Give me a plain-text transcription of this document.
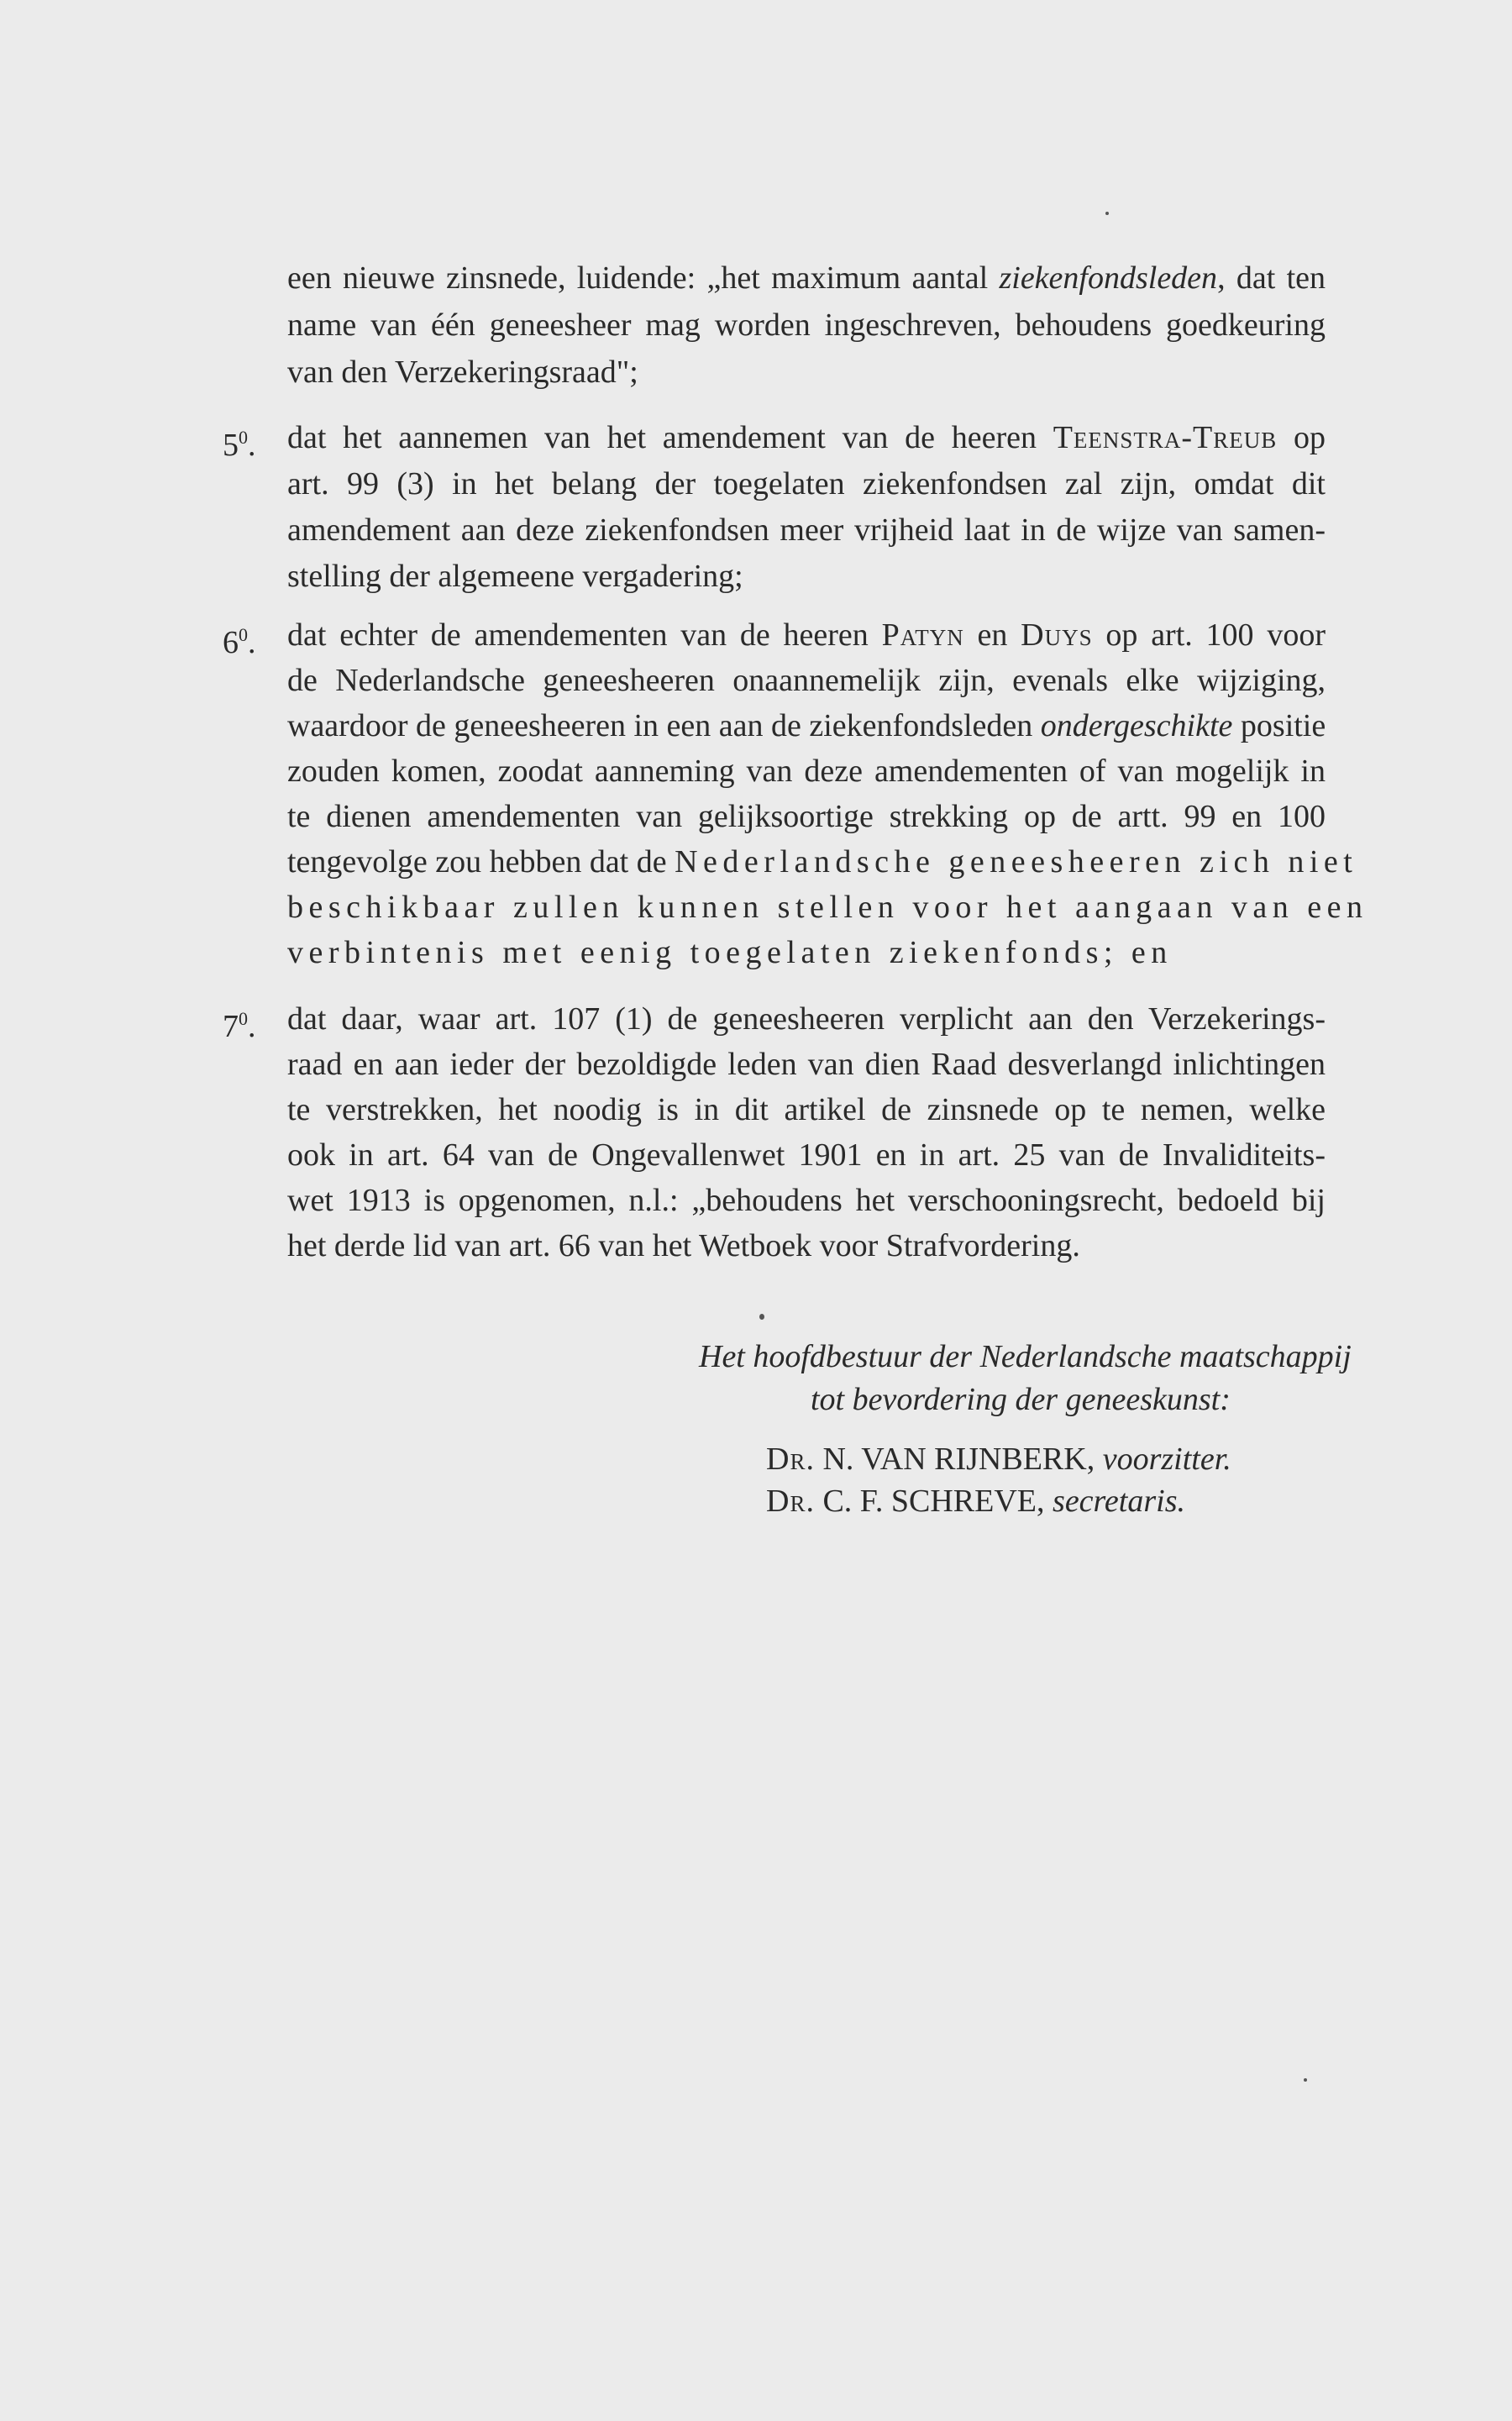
een nieuwe zinsnede, luidende: „het maximum aantal ziekenfondsleden, dat ten
name van één geneesheer mag worden ingeschreven, behoudens goedkeuring
van den Verzekeringsraad";
$5^0$. dat het aannemen van het amendement van de heeren Teenstra-Treub op
art. 99 (3) in het belang der toegelaten ziekenfondsen zal zijn, omdat dit
amendement aan deze ziekenfondsen meer vrijheid laat in de wijze van samen-
stelling der algemeene vergadering;
$6^0$. dat echter de amendementen van de heeren Patyn en Duys op art. 100 voor
de Nederlandsche geneesheeren onaannemelijk zijn, evenals elke wijziging,
waardoor de geneesheeren in een aan de ziekenfondsleden ondergeschikte positie
zouden komen, zoodat aanneming van deze amendementen of van mogelijk in
te dienen amendementen van gelijksoortige strekking op de artt. 99 en 100
tengevolge zou hebben dat de Nederlandsche geneesheeren zich niet
beschikbaar zullen kunnen stellen voor het aangaan van een
verbintenis met eenig toegelaten ziekenfonds; en
$7^0$. dat daar, waar art. 107 (1) de geneesheeren verplicht aan den Verzekerings-
raad en aan ieder der bezoldigde leden van dien Raad desverlangd inlichtingen
te verstrekken, het noodig is in dit artikel de zinsnede op te nemen, welke
ook in art. 64 van de Ongevallenwet 1901 en in art. 25 van de Invaliditeits-
wet 1913 is opgenomen, n.l.: „behoudens het verschooningsrecht, bedoeld bij
het derde lid van art. 66 van het Wetboek voor Strafvordering.
Het hoofdbestuur der Nederlandsche maatschappij
tot bevordering der geneeskunst:
Dr. N. VAN RIJNBERK, voorzitter.
Dr. C. F. SCHREVE, secretaris.
